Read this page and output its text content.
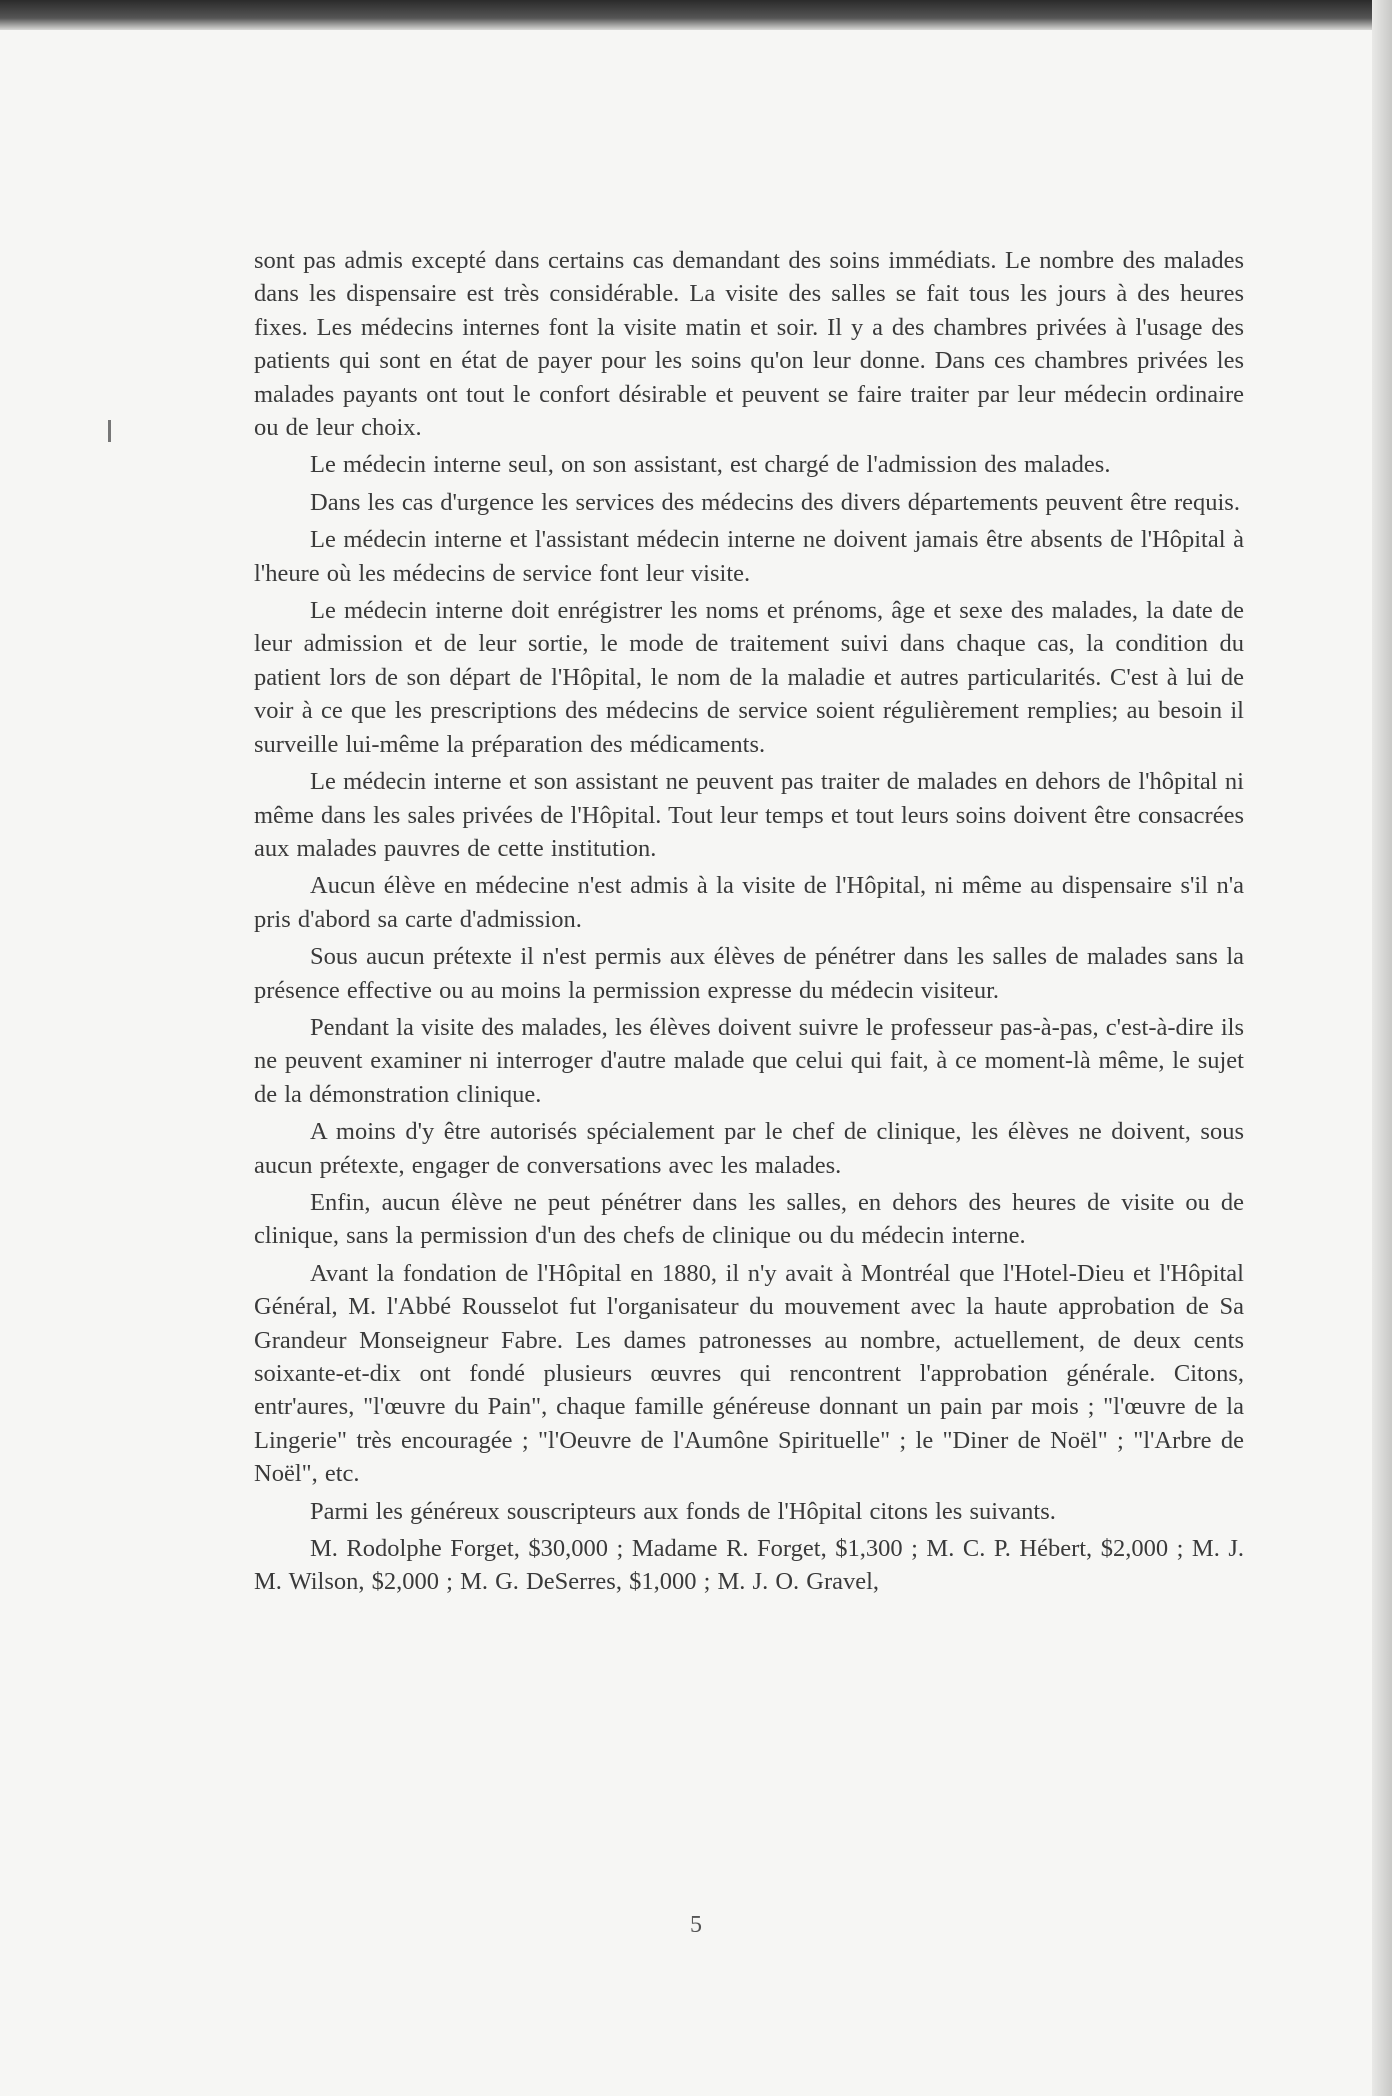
sont pas admis excepté dans certains cas demandant des soins immédiats. Le nombre des malades dans les dispensaire est très considérable. La visite des salles se fait tous les jours à des heures fixes. Les médecins internes font la visite matin et soir. Il y a des chambres privées à l'usage des patients qui sont en état de payer pour les soins qu'on leur donne. Dans ces chambres privées les malades payants ont tout le confort désirable et peuvent se faire traiter par leur médecin ordinaire ou de leur choix.

Le médecin interne seul, on son assistant, est chargé de l'admission des malades.

Dans les cas d'urgence les services des médecins des divers départements peuvent être requis.

Le médecin interne et l'assistant médecin interne ne doivent jamais être absents de l'Hôpital à l'heure où les médecins de service font leur visite.

Le médecin interne doit enrégistrer les noms et prénoms, âge et sexe des malades, la date de leur admission et de leur sortie, le mode de traitement suivi dans chaque cas, la condition du patient lors de son départ de l'Hôpital, le nom de la maladie et autres particularités. C'est à lui de voir à ce que les prescriptions des médecins de service soient régulièrement remplies; au besoin il surveille lui-même la préparation des médicaments.

Le médecin interne et son assistant ne peuvent pas traiter de malades en dehors de l'hôpital ni même dans les sales privées de l'Hôpital. Tout leur temps et tout leurs soins doivent être consacrées aux malades pauvres de cette institution.

Aucun élève en médecine n'est admis à la visite de l'Hôpital, ni même au dispensaire s'il n'a pris d'abord sa carte d'admission.

Sous aucun prétexte il n'est permis aux élèves de pénétrer dans les salles de malades sans la présence effective ou au moins la permission expresse du médecin visiteur.

Pendant la visite des malades, les élèves doivent suivre le professeur pas-à-pas, c'est-à-dire ils ne peuvent examiner ni interroger d'autre malade que celui qui fait, à ce moment-là même, le sujet de la démonstration clinique.

A moins d'y être autorisés spécialement par le chef de clinique, les élèves ne doivent, sous aucun prétexte, engager de conversations avec les malades.

Enfin, aucun élève ne peut pénétrer dans les salles, en dehors des heures de visite ou de clinique, sans la permission d'un des chefs de clinique ou du médecin interne.

Avant la fondation de l'Hôpital en 1880, il n'y avait à Montréal que l'Hotel-Dieu et l'Hôpital Général, M. l'Abbé Rousselot fut l'organisateur du mouvement avec la haute approbation de Sa Grandeur Monseigneur Fabre. Les dames patronesses au nombre, actuellement, de deux cents soixante-et-dix ont fondé plusieurs œuvres qui rencontrent l'approbation générale. Citons, entr'aures, "l'œuvre du Pain", chaque famille généreuse donnant un pain par mois ; "l'œuvre de la Lingerie" très encouragée ; "l'Oeuvre de l'Aumône Spirituelle" ; le "Diner de Noël" ; "l'Arbre de Noël", etc.

Parmi les généreux souscripteurs aux fonds de l'Hôpital citons les suivants.

M. Rodolphe Forget, $30,000 ; Madame R. Forget, $1,300 ; M. C. P. Hébert, $2,000 ; M. J. M. Wilson, $2,000 ; M. G. DeSerres, $1,000 ; M. J. O. Gravel,

5
